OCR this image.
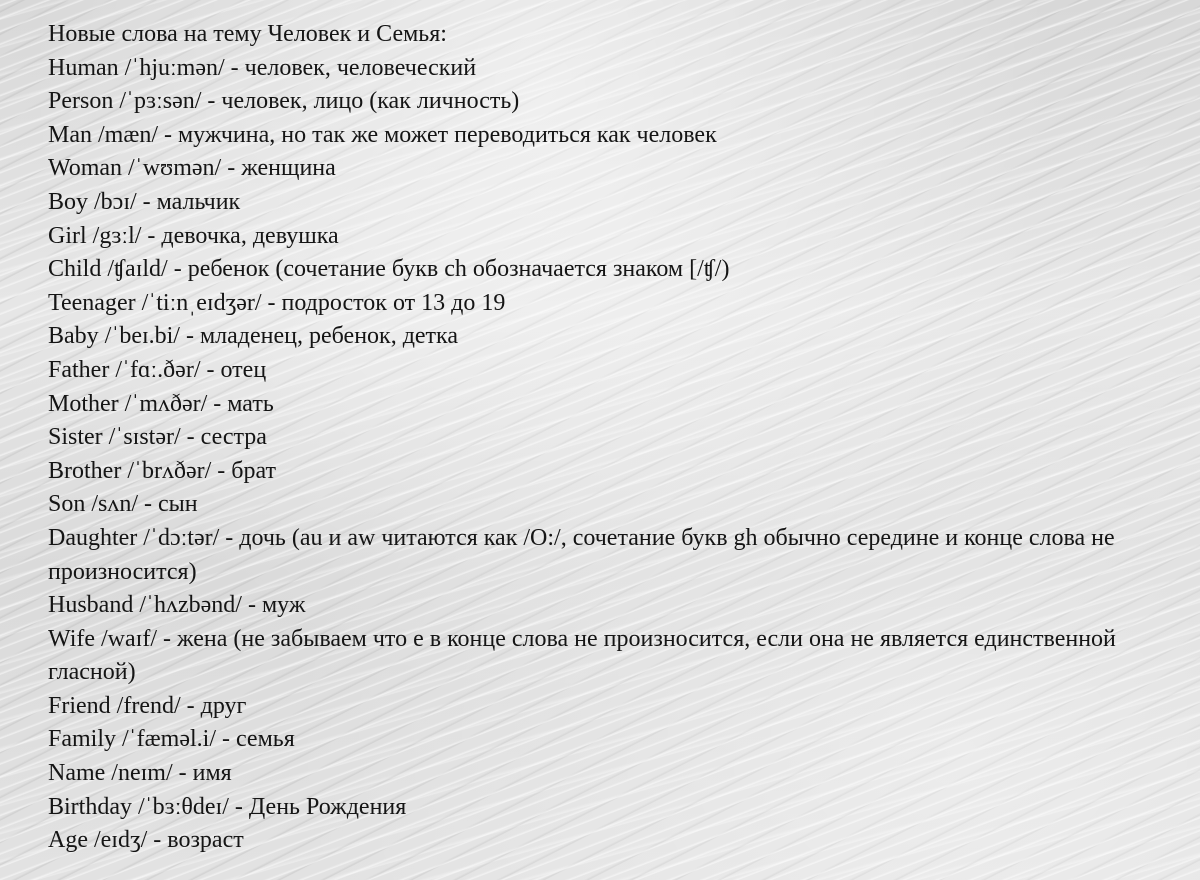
Новые слова на тему Человек и Семья:
Human /ˈhjuːmən/ - человек, человеческий
Person /ˈpɜːsən/ - человек, лицо (как личность)
Man /mæn/ - мужчина, но так же может переводиться как человек
Woman /ˈwʊmən/ - женщина
Boy /bɔɪ/ - мальчик
Girl /gɜːl/ - девочка, девушка
Child /ʧaɪld/ - ребенок (сочетание букв ch обозначается знаком [/ʧ/)
Teenager /ˈtiːnˌeɪdʒər/ - подросток от 13 до 19
Baby /ˈbeɪ.bi/ - младенец, ребенок, детка
Father /ˈfɑː.ðər/ - отец
Mother /ˈmʌðər/ - мать
Sister /ˈsɪstər/ - сестра
Brother /ˈbrʌðər/ - брат
Son /sʌn/ - сын
Daughter /ˈdɔːtər/ - дочь (au и aw читаются как /O:/, сочетание букв gh обычно середине и конце слова не произносится)
Husband /ˈhʌzbənd/ - муж
Wife /waɪf/ - жена (не забываем что e в конце слова не произносится, если она не является единственной гласной)
Friend /frend/ - друг
Family /ˈfæməl.i/ - семья
Name /neɪm/ - имя
Birthday /ˈbɜːθdeɪ/ - День Рождения
Age /eɪdʒ/ - возраст
